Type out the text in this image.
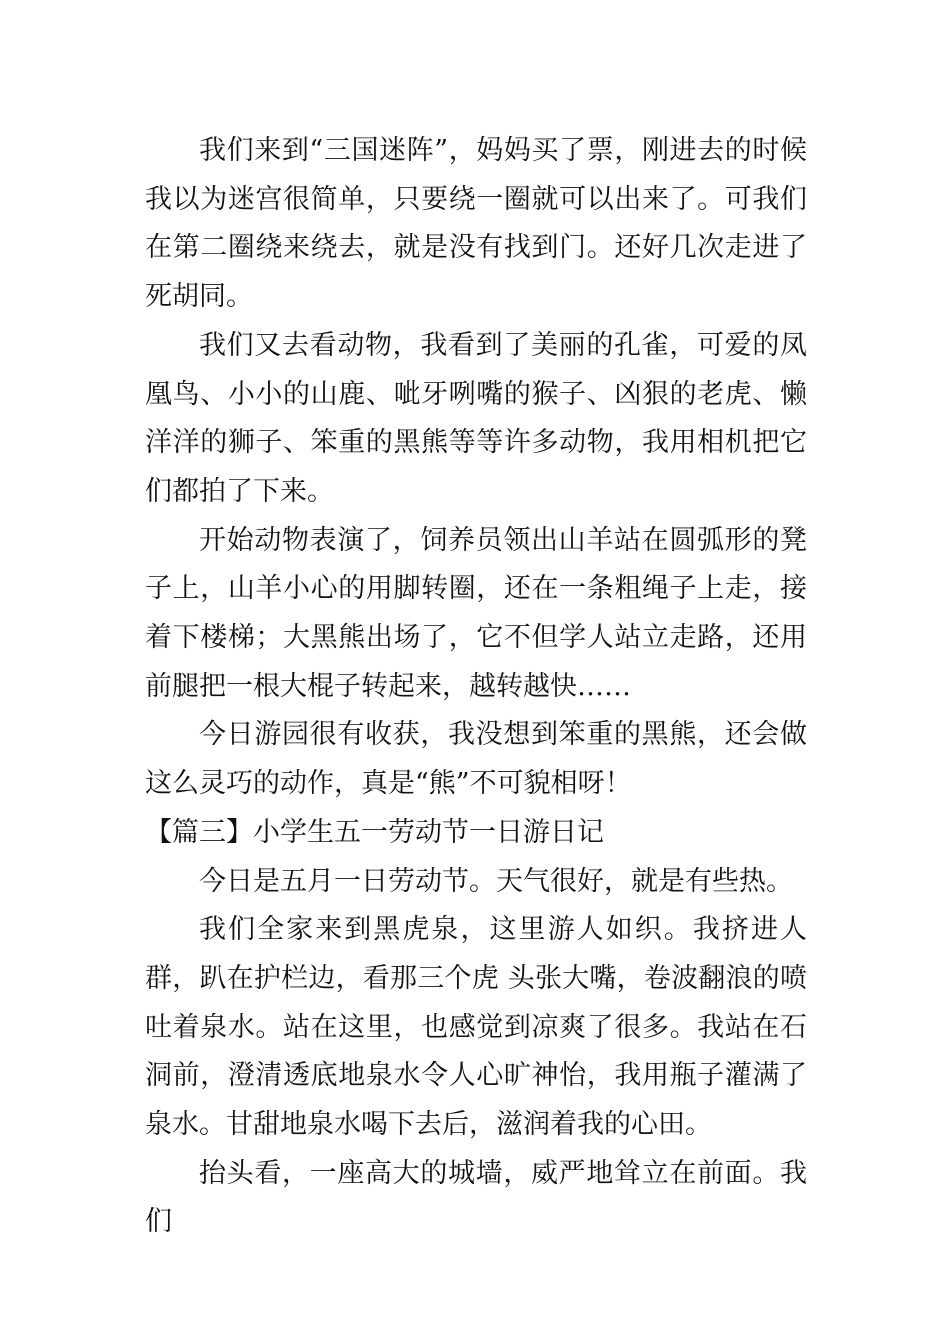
我们来到“三国迷阵”，妈妈买了票，刚进去的时候我以为迷宫很简单，只要绕一圈就可以出来了。可我们在第二圈绕来绕去，就是没有找到门。还好几次走进了死胡同。

我们又去看动物，我看到了美丽的孔雀，可爱的凤凰鸟、小小的山鹿、呲牙咧嘴的猴子、凶狠的老虎、懒洋洋的狮子、笨重的黑熊等等许多动物，我用相机把它们都拍了下来。

开始动物表演了，饲养员领出山羊站在圆弧形的凳子上，山羊小心的用脚转圈，还在一条粗绳子上走，接着下楼梯；大黑熊出场了，它不但学人站立走路，还用前腿把一根大棍子转起来，越转越快……

今日游园很有收获，我没想到笨重的黑熊，还会做这么灵巧的动作，真是“熊”不可貌相呀！

【篇三】小学生五一劳动节一日游日记

今日是五月一日劳动节。天气很好，就是有些热。

我们全家来到黑虎泉，这里游人如织。我挤进人群，趴在护栏边，看那三个虎 头张大嘴，卷波翻浪的喷吐着泉水。站在这里，也感觉到凉爽了很多。我站在石洞前，澄清透底地泉水令人心旷神怡，我用瓶子灌满了泉水。甘甜地泉水喝下去后，滋润着我的心田。

抬头看，一座高大的城墙，威严地耸立在前面。我们
